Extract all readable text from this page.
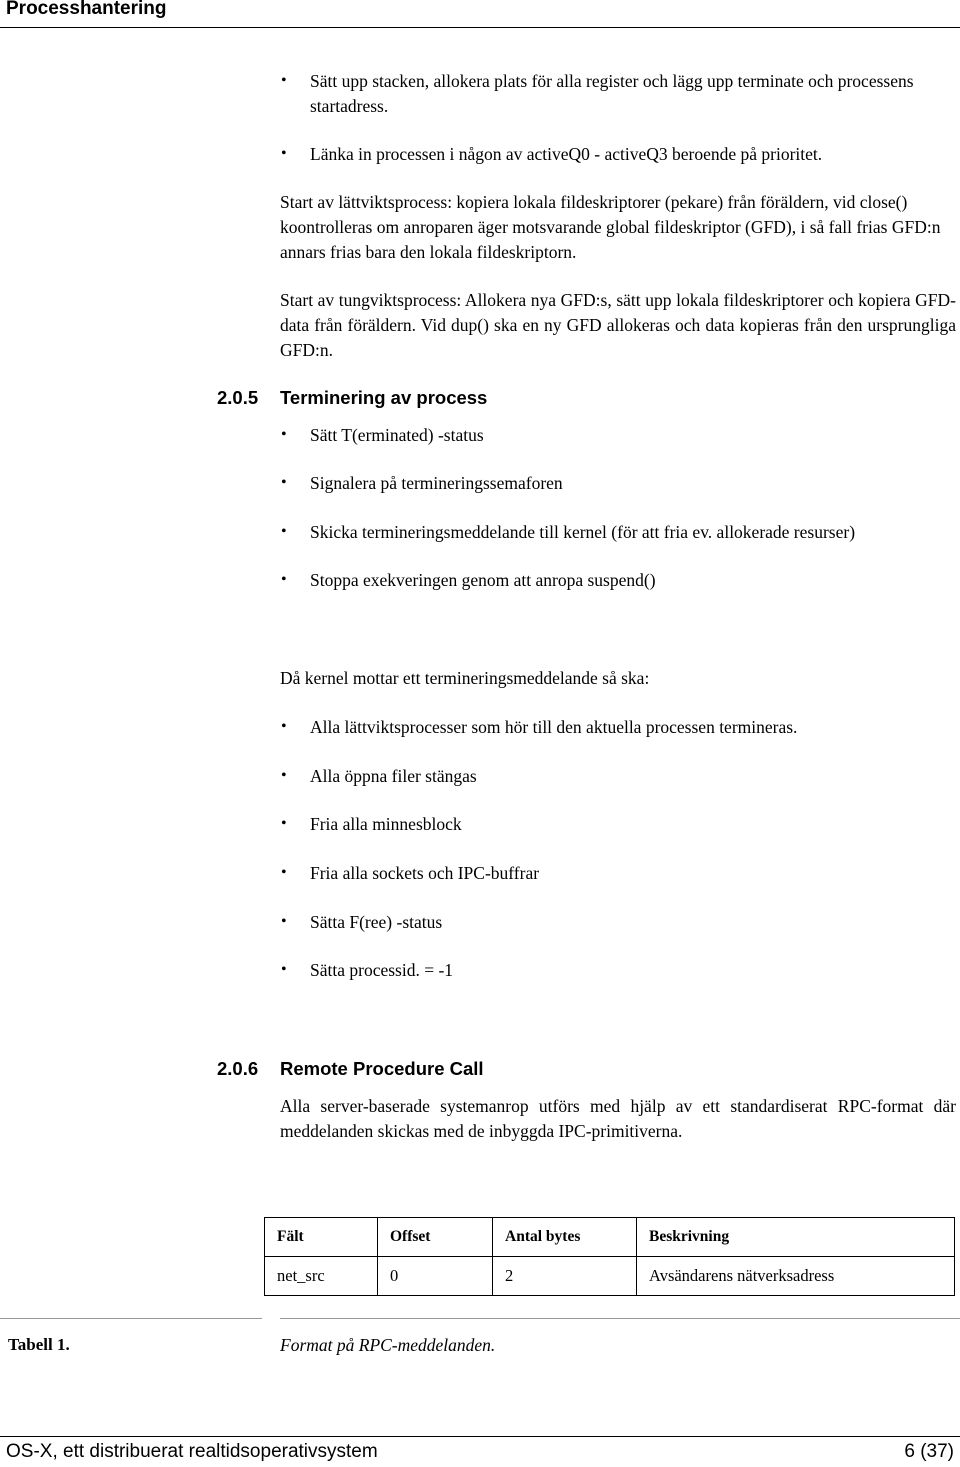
Processhantering
• Sätt upp stacken, allokera plats för alla register och lägg upp terminate och processens startadress.
• Länka in processen i någon av activeQ0 - activeQ3 beroende på prioritet.
Start av lättviktsprocess: kopiera lokala fildeskriptorer (pekare) från föräldern, vid close() koontrolleras om anroparen äger motsvarande global fildeskriptor (GFD), i så fall frias GFD:n annars frias bara den lokala fildeskriptorn.
Start av tungviktsprocess: Allokera nya GFD:s, sätt upp lokala fildeskriptorer och kopiera GFD-data från föräldern. Vid dup() ska en ny GFD allokeras och data kopieras från den ursprungliga GFD:n.
2.0.5 Terminering av process
• Sätt T(erminated) -status
• Signalera på termineringssemaforen
• Skicka termineringsmeddelande till kernel (för att fria ev. allokerade resurser)
• Stoppa exekveringen genom att anropa suspend()
Då kernel mottar ett termineringsmeddelande så ska:
• Alla lättviktsprocesser som hör till den aktuella processen termineras.
• Alla öppna filer stängas
• Fria alla minnesblock
• Fria alla sockets och IPC-buffrar
• Sätta F(ree) -status
• Sätta processid. = -1
2.0.6 Remote Procedure Call
Alla server-baserade systemanrop utförs med hjälp av ett standardiserat RPC-format där meddelanden skickas med de inbyggda IPC-primitiverna.
Fält	Offset	Antal bytes	Beskrivning
net_src	0	2	Avsändarens nätverksadress
Tabell 1.	Format på RPC-meddelanden.
OS-X, ett distribuerat realtidsoperativsystem	6 (37)
